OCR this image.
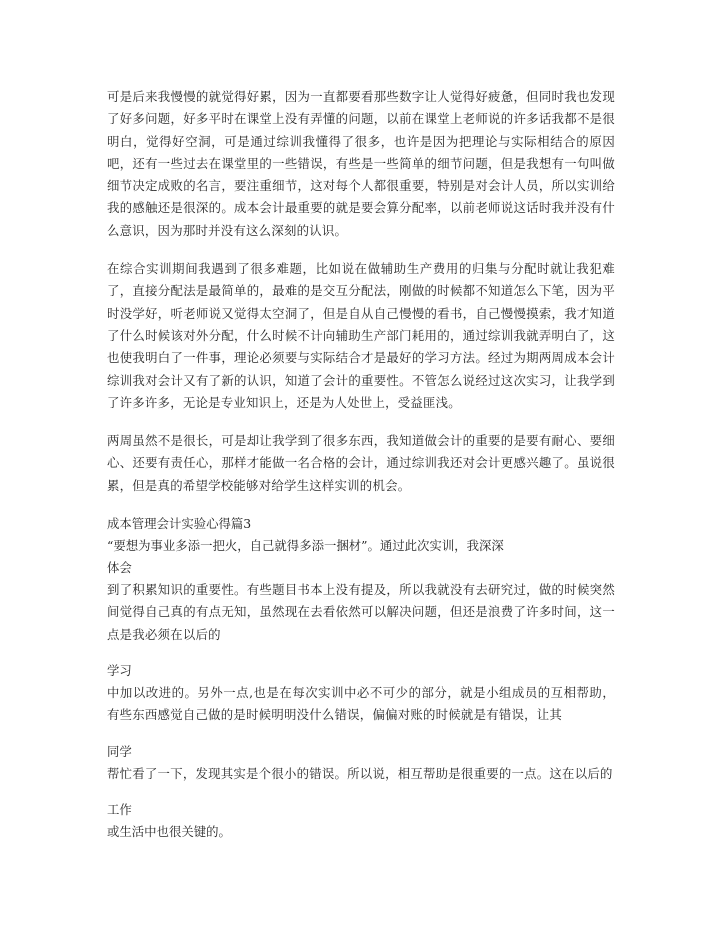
可是后来我慢慢的就觉得好累，因为一直都要看那些数字让人觉得好疲惫，但同时我也发现了好多问题，好多平时在课堂上没有弄懂的问题，以前在课堂上老师说的许多话我都不是很明白，觉得好空洞，可是通过综训我懂得了很多，也许是因为把理论与实际相结合的原因吧，还有一些过去在课堂里的一些错误，有些是一些简单的细节问题，但是我想有一句叫做细节决定成败的名言，要注重细节，这对每个人都很重要，特别是对会计人员，所以实训给我的感触还是很深的。成本会计最重要的就是要会算分配率，以前老师说这话时我并没有什么意识，因为那时并没有这么深刻的认识。

在综合实训期间我遇到了很多难题，比如说在做辅助生产费用的归集与分配时就让我犯难了，直接分配法是最简单的，最难的是交互分配法，刚做的时候都不知道怎么下笔，因为平时没学好，听老师说又觉得太空洞了，但是自从自己慢慢的看书，自己慢慢摸索，我才知道了什么时候该对外分配，什么时候不计向辅助生产部门耗用的，通过综训我就弄明白了，这也使我明白了一件事，理论必须要与实际结合才是最好的学习方法。经过为期两周成本会计综训我对会计又有了新的认识，知道了会计的重要性。不管怎么说经过这次实习，让我学到了许多许多，无论是专业知识上，还是为人处世上，受益匪浅。

两周虽然不是很长，可是却让我学到了很多东西，我知道做会计的重要的是要有耐心、要细心、还要有责任心，那样才能做一名合格的会计，通过综训我还对会计更感兴趣了。虽说很累，但是真的希望学校能够对给学生这样实训的机会。

成本管理会计实验心得篇3

“要想为事业多添一把火，自己就得多添一捆材”。通过此次实训，我深深

体会

到了积累知识的重要性。有些题目书本上没有提及，所以我就没有去研究过，做的时候突然间觉得自己真的有点无知，虽然现在去看依然可以解决问题，但还是浪费了许多时间，这一点是我必须在以后的

学习

中加以改进的。另外一点,也是在每次实训中必不可少的部分，就是小组成员的互相帮助，有些东西感觉自己做的是时候明明没什么错误，偏偏对账的时候就是有错误，让其

同学

帮忙看了一下，发现其实是个很小的错误。所以说，相互帮助是很重要的一点。这在以后的

工作

或生活中也很关键的。
